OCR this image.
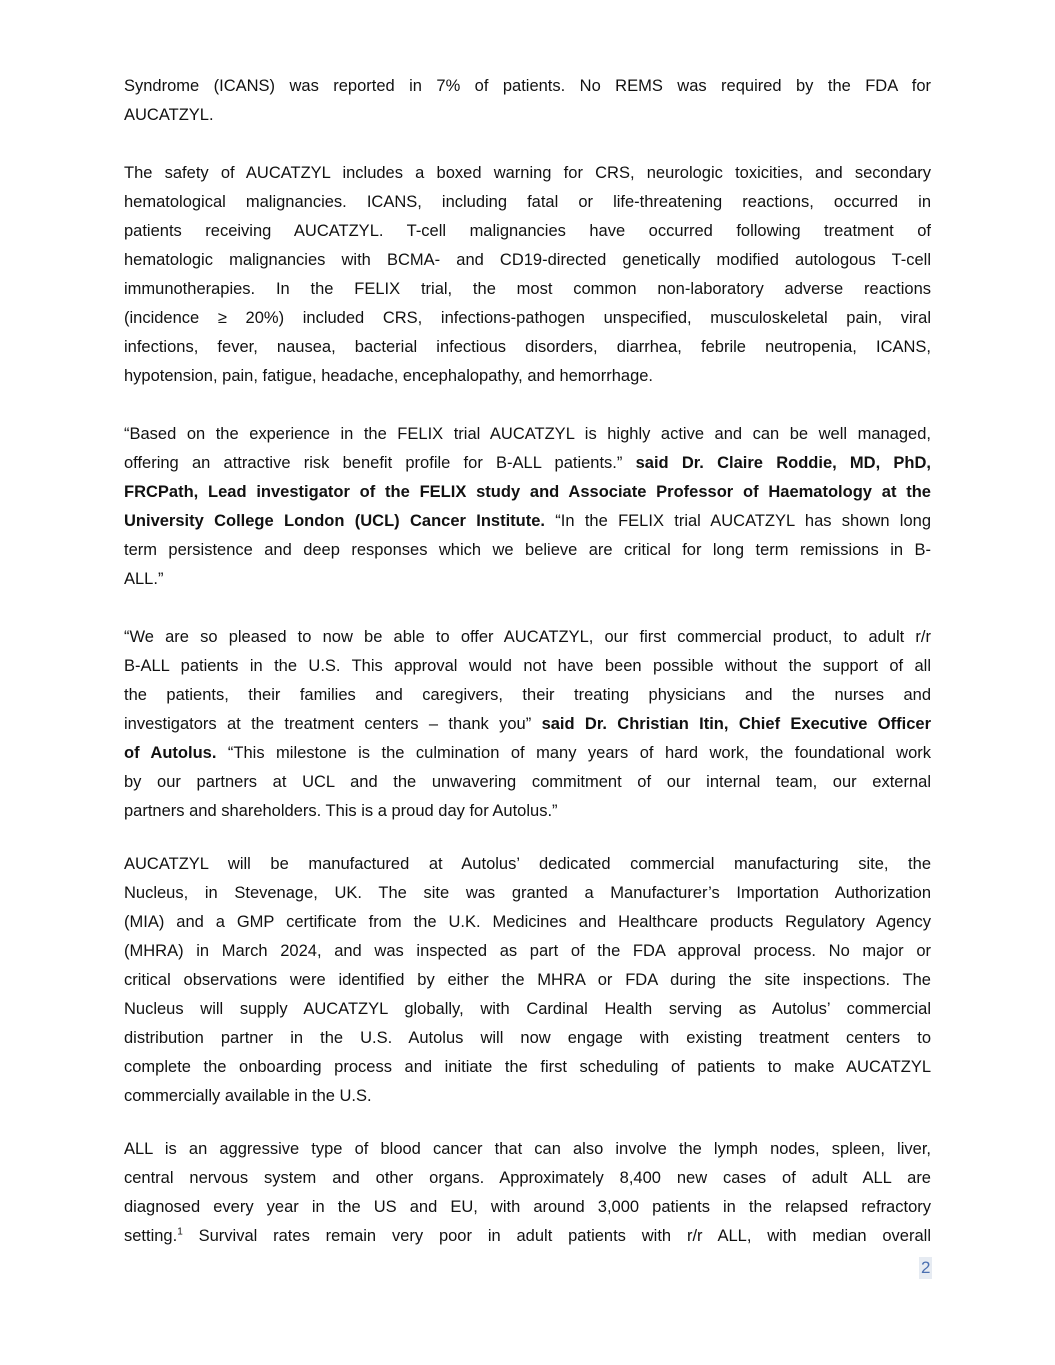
Syndrome (ICANS) was reported in 7% of patients. No REMS was required by the FDA for
AUCATZYL.
The safety of AUCATZYL includes a boxed warning for CRS, neurologic toxicities, and secondary
hematological malignancies. ICANS, including fatal or life-threatening reactions, occurred in
patients receiving AUCATZYL. T-cell malignancies have occurred following treatment of
hematologic malignancies with BCMA- and CD19-directed genetically modified autologous T-cell
immunotherapies. In the FELIX trial, the most common non-laboratory adverse reactions
(incidence ≥ 20%) included CRS, infections-pathogen unspecified, musculoskeletal pain, viral
infections, fever, nausea, bacterial infectious disorders, diarrhea, febrile neutropenia, ICANS,
hypotension, pain, fatigue, headache, encephalopathy, and hemorrhage.
“Based on the experience in the FELIX trial AUCATZYL is highly active and can be well managed,
offering an attractive risk benefit profile for B-ALL patients.” said Dr. Claire Roddie, MD, PhD,
FRCPath, Lead investigator of the FELIX study and Associate Professor of Haematology at the
University College London (UCL) Cancer Institute. “In the FELIX trial AUCATZYL has shown long
term persistence and deep responses which we believe are critical for long term remissions in B-
ALL.”
“We are so pleased to now be able to offer AUCATZYL, our first commercial product, to adult r/r
B-ALL patients in the U.S. This approval would not have been possible without the support of all
the patients, their families and caregivers, their treating physicians and the nurses and
investigators at the treatment centers – thank you” said Dr. Christian Itin, Chief Executive Officer
of Autolus. “This milestone is the culmination of many years of hard work, the foundational work
by our partners at UCL and the unwavering commitment of our internal team, our external
partners and shareholders. This is a proud day for Autolus.”
AUCATZYL will be manufactured at Autolus’ dedicated commercial manufacturing site, the
Nucleus, in Stevenage, UK. The site was granted a Manufacturer’s Importation Authorization
(MIA) and a GMP certificate from the U.K. Medicines and Healthcare products Regulatory Agency
(MHRA) in March 2024, and was inspected as part of the FDA approval process. No major or
critical observations were identified by either the MHRA or FDA during the site inspections. The
Nucleus will supply AUCATZYL globally, with Cardinal Health serving as Autolus’ commercial
distribution partner in the U.S. Autolus will now engage with existing treatment centers to
complete the onboarding process and initiate the first scheduling of patients to make AUCATZYL
commercially available in the U.S.
ALL is an aggressive type of blood cancer that can also involve the lymph nodes, spleen, liver,
central nervous system and other organs. Approximately 8,400 new cases of adult ALL are
diagnosed every year in the US and EU, with around 3,000 patients in the relapsed refractory
setting.$^1$ Survival rates remain very poor in adult patients with r/r ALL, with median overall
2
